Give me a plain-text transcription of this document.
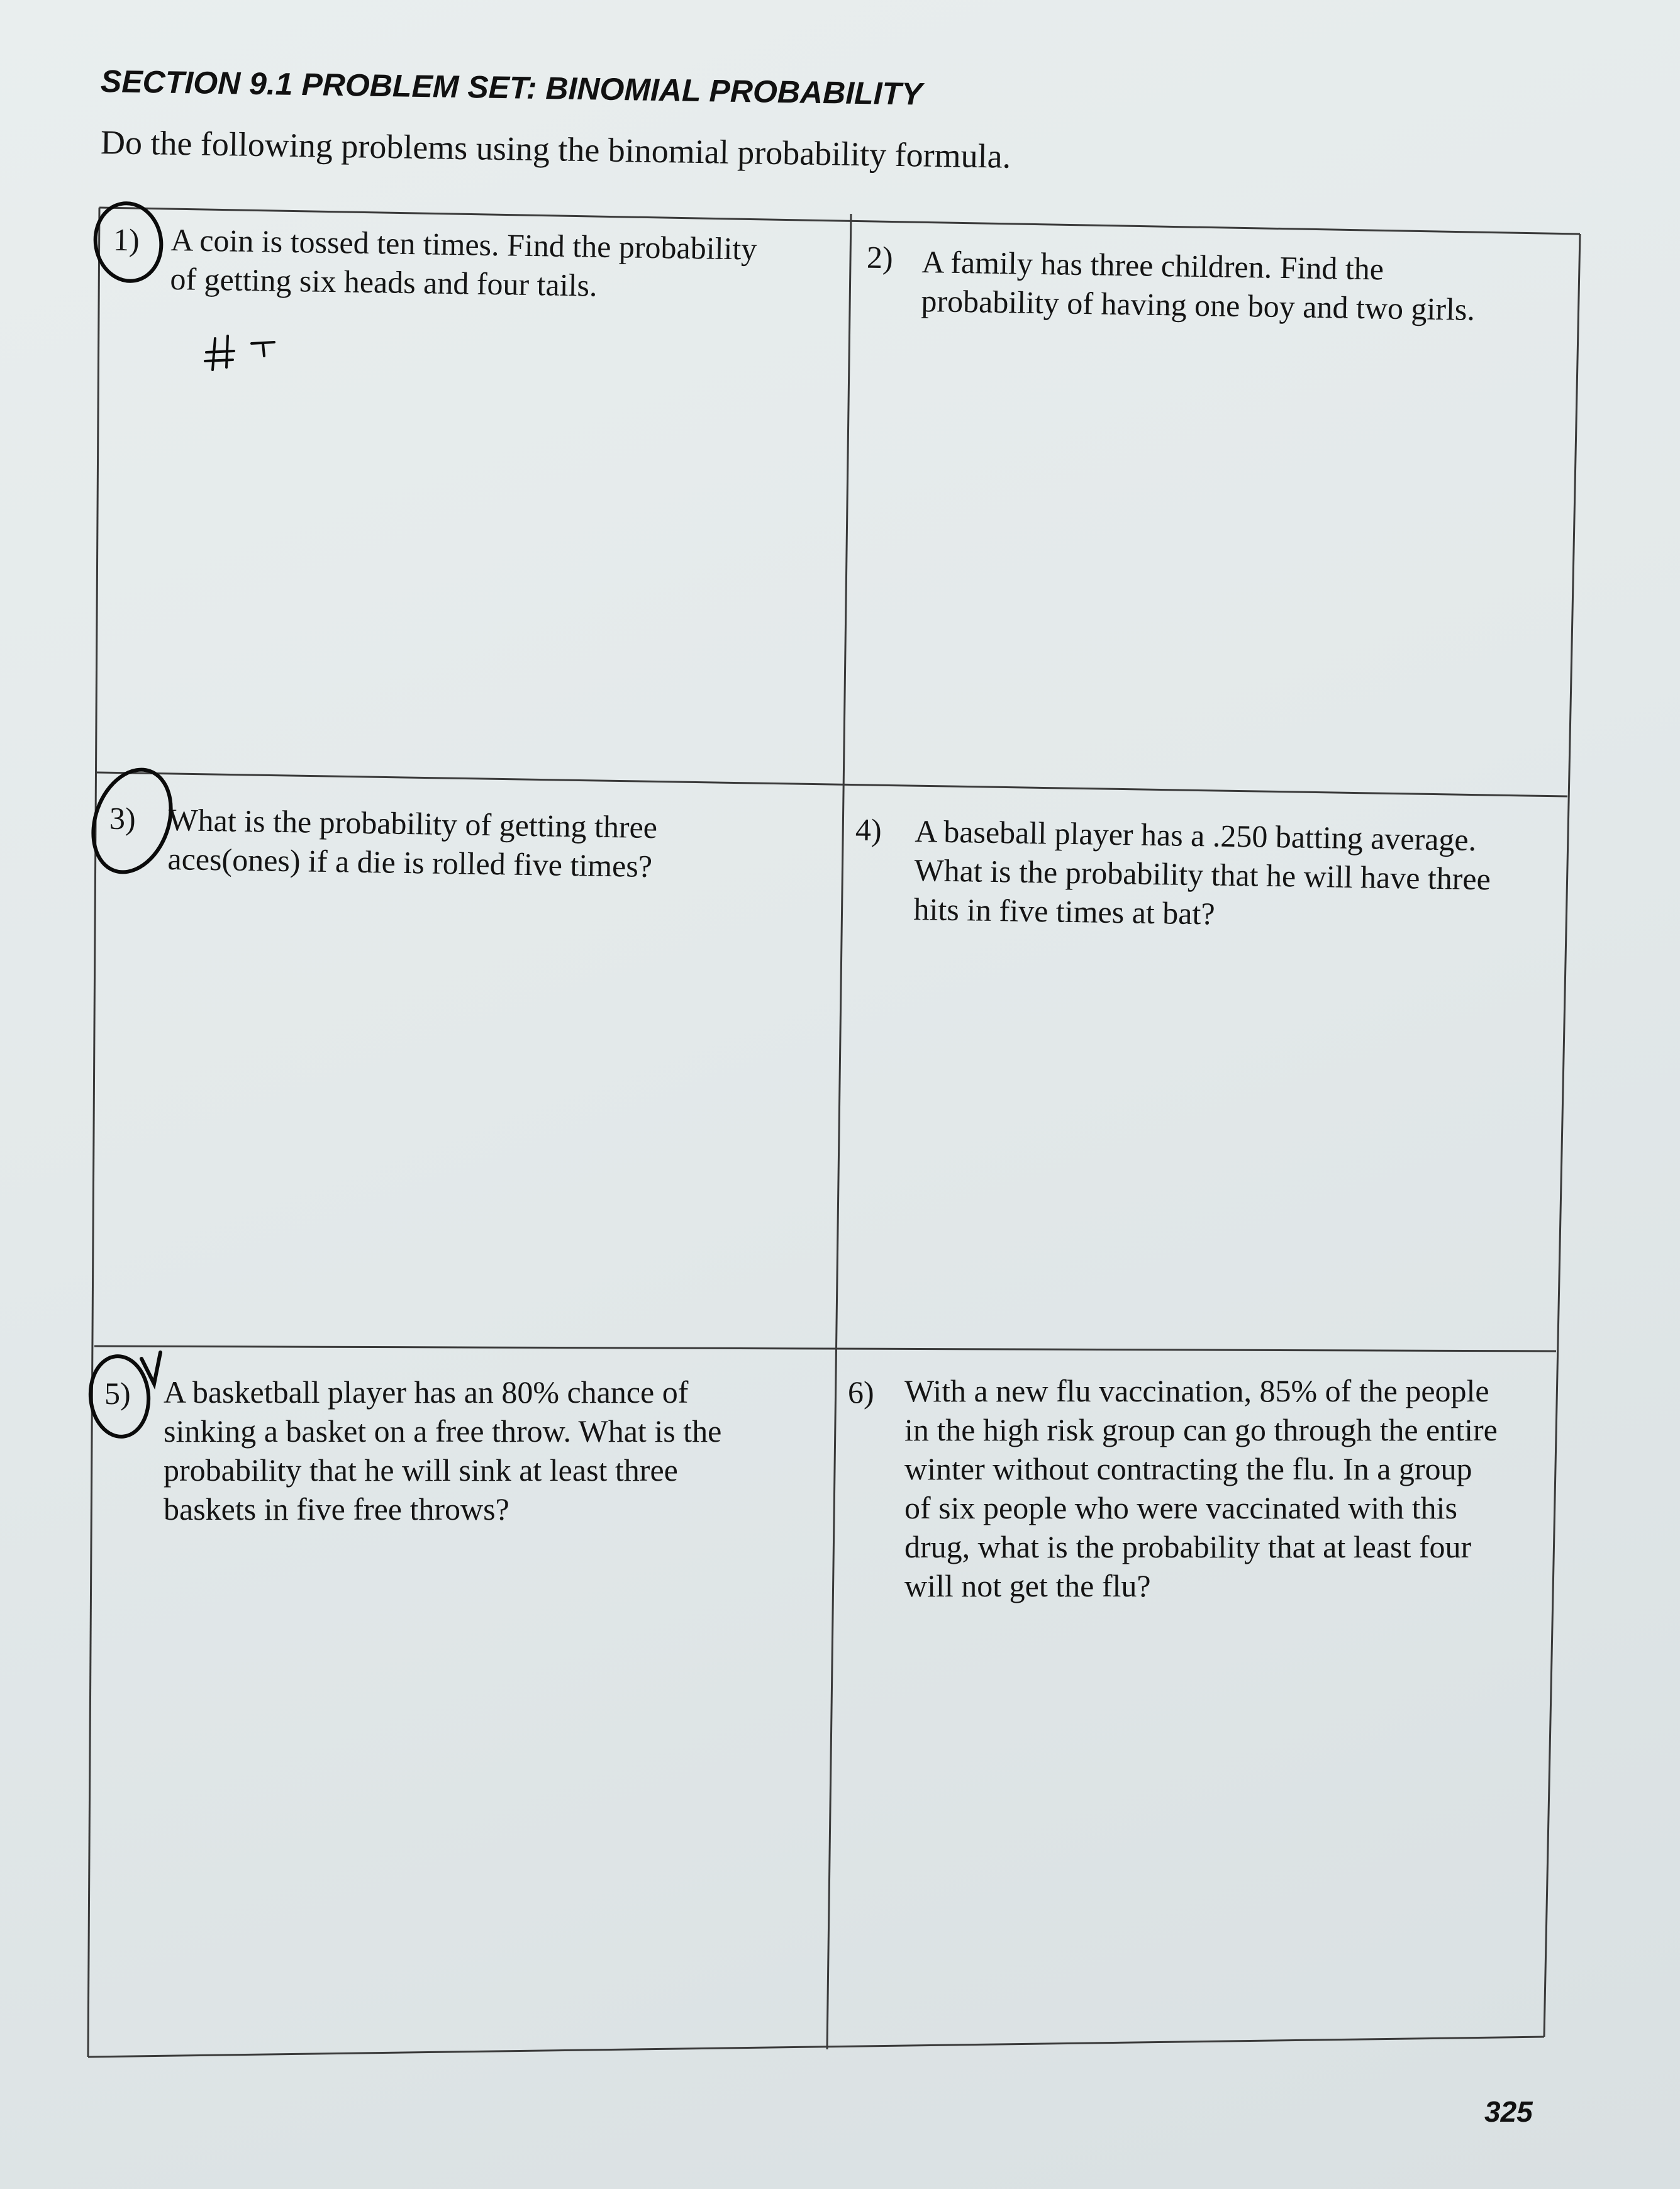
SECTION 9.1 PROBLEM SET: BINOMIAL PROBABILITY
Do the following problems using the binomial probability formula.
1) A coin is tossed ten times. Find the probability
of getting six heads and four tails.
2) A family has three children. Find the
probability of having one boy and two girls.
3) What is the probability of getting three
aces(ones) if a die is rolled five times?
4) A baseball player has a .250 batting average.
What is the probability that he will have three
hits in five times at bat?
5) A basketball player has an 80% chance of
sinking a basket on a free throw. What is the
probability that he will sink at least three
baskets in five free throws?
6) With a new flu vaccination, 85% of the people
in the high risk group can go through the entire
winter without contracting the flu. In a group
of six people who were vaccinated with this
drug, what is the probability that at least four
will not get the flu?
325
